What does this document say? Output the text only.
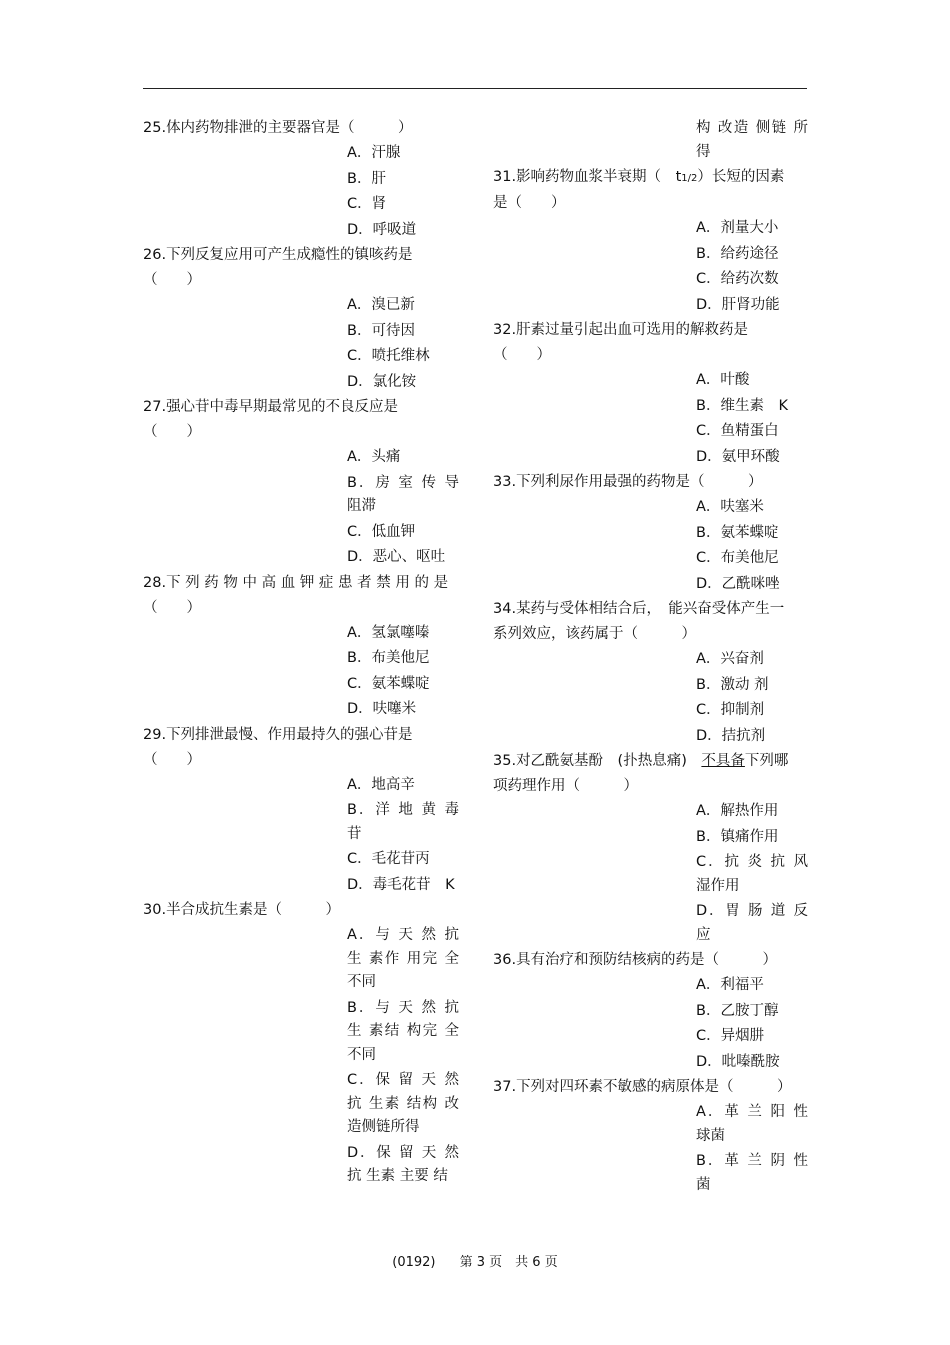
25.体内药物排泄的主要器官是（　　　）
A．汗腺
B．肝
C．肾
D．呼吸道
26.下列反复应用可产生成瘾性的镇咳药是
（　　）
A．溴已新
B．可待因
C．喷托维林
D．氯化铵
27.强心苷中毒早期最常见的不良反应是
（　　）
A．头痛
B．房 室 传 导 阻滞
C．低血钾
D．恶心、呕吐
28.下 列 药 物 中 高 血 钾 症 患 者 禁 用 的 是
（　　）
A．氢氯噻嗪
B．布美他尼
C．氨苯蝶啶
D．呋噻米
29.下列排泄最慢、作用最持久的强心苷是
（　　）
A．地高辛
B．洋 地 黄 毒 苷
C．毛花苷丙
D．毒毛花苷　K
30.半合成抗生素是（　　　）
A．与 天 然 抗 生 素作 用完 全 不同
B．与 天 然 抗 生 素结 构完 全 不同
C．保 留 天 然 抗 生素 结构 改 造侧链所得
D．保 留 天 然 抗 生素 主要 结
构 改造 侧链 所 得
31.影响药物血浆半衰期（　t1/2）长短的因素
是（　　）
A．剂量大小
B．给药途径
C．给药次数
D．肝肾功能
32.肝素过量引起出血可选用的解救药是
（　　）
A．叶酸
B．维生素　K
C．鱼精蛋白
D．氨甲环酸
33.下列利尿作用最强的药物是（　　　）
A．呋塞米
B．氨苯蝶啶
C．布美他尼
D．乙酰咪唑
34.某药与受体相结合后，　能兴奋受体产生一
系列效应，该药属于（　　　）
A．兴奋剂
B．激动 剂
C．抑制剂
D．拮抗剂
35.对乙酰氨基酚　(扑热息痛)　不具备下列哪
项药理作用（　　　）
A．解热作用
B．镇痛作用
C．抗 炎 抗 风 湿作用
D．胃 肠 道 反 应
36.具有治疗和预防结核病的药是（　　　）
A．利福平
B．乙胺丁醇
C．异烟肼
D．吡嗪酰胺
37.下列对四环素不敏感的病原体是（　　　）
A．革 兰 阳 性 球菌
B．革 兰 阴 性 菌
(0192) 第 3 页　共 6 页
